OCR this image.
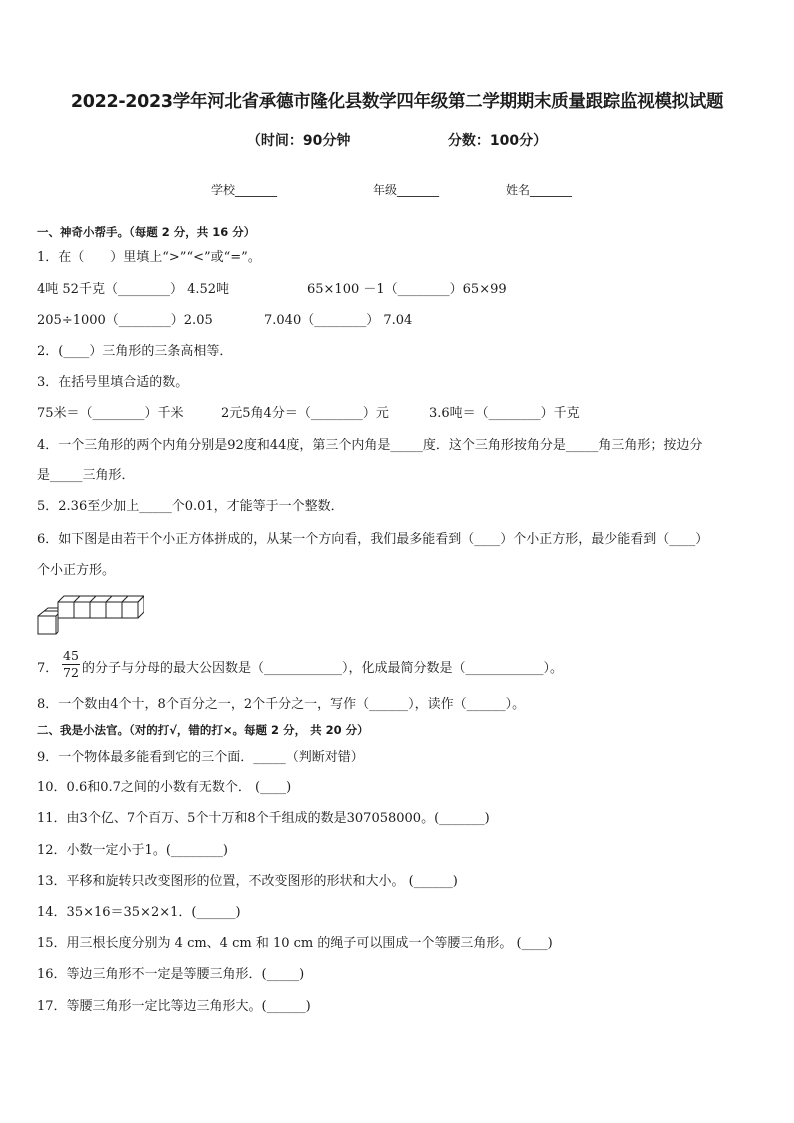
2022-2023学年河北省承德市隆化县数学四年级第二学期期末质量跟踪监视模拟试题
（时间：90分钟	分数：100分）
学校_______	年级_______	姓名_______
一、神奇小帮手。（每题 2 分，共 16 分）
1．在（　　）里填上“>”“<”或“=”。
4吨 52千克（________） 4.52吨	65×100 －1（________）65×99
205÷1000（________）2.05	7.040（________） 7.04
2．(____）三角形的三条高相等．
3．在括号里填合适的数。
75米＝（________）千米	2元5角4分＝（________）元	3.6吨＝（________）千克
4．一个三角形的两个内角分别是92度和44度，第三个内角是_____度．这个三角形按角分是_____角三角形；按边分
是_____三角形．
5．2.36至少加上_____个0.01，才能等于一个整数．
6．如下图是由若干个小正方体拼成的，从某一个方向看，我们最多能看到（____）个小正方形，最少能看到（____）
个小正方形。
7． 的分子与分母的最大公因数是（____________），化成最简分数是（____________）。
$\frac{45}{72}$
8．一个数由4个十，8个百分之一，2个千分之一，写作（______），读作（______）。
二、我是小法官。（对的打√，错的打×。每题 2 分， 共 20 分）
9．一个物体最多能看到它的三个面．_____（判断对错）
10．0.6和0.7之间的小数有无数个． (____)
11．由3个亿、7个百万、5个十万和8个千组成的数是307058000。(_______)
12．小数一定小于1。(________)
13．平移和旋转只改变图形的位置，不改变图形的形状和大小。 (______)
14．35×16＝35×2×1．(______)
15．用三根长度分别为 4 cm、4 cm 和 10 cm 的绳子可以围成一个等腰三角形。 (____)
16．等边三角形不一定是等腰三角形．(_____)
17．等腰三角形一定比等边三角形大。(______)
